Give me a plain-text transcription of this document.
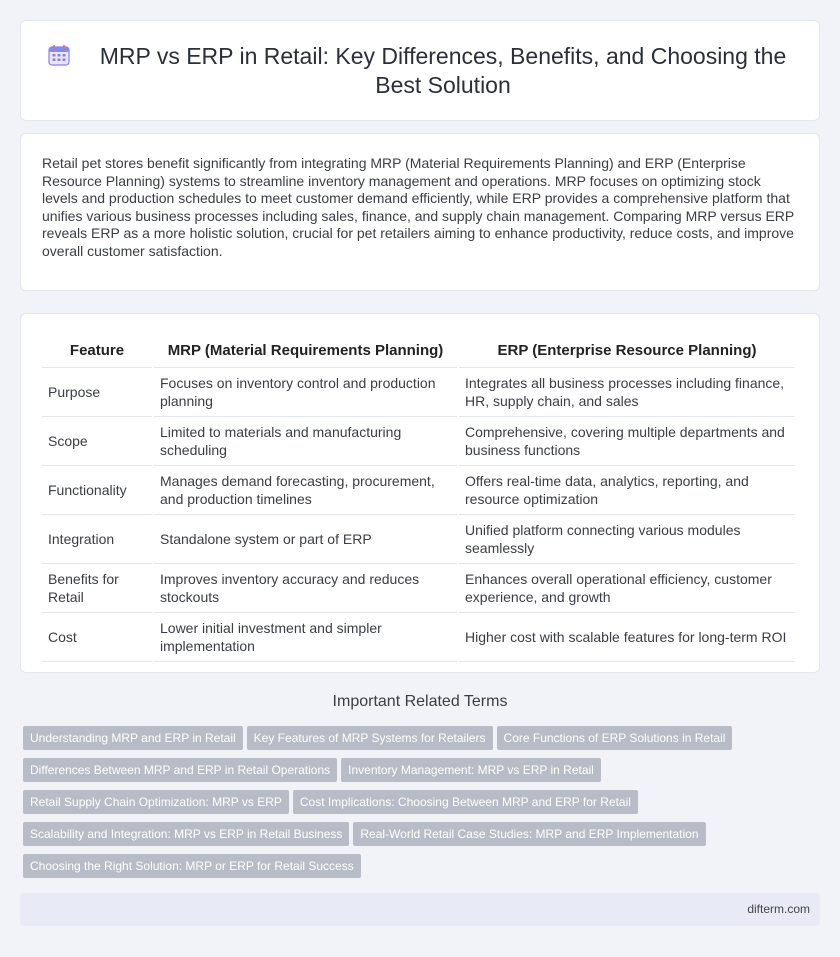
MRP vs ERP in Retail: Key Differences, Benefits, and Choosing the Best Solution

Retail pet stores benefit significantly from integrating MRP (Material Requirements Planning) and ERP (Enterprise Resource Planning) systems to streamline inventory management and operations. MRP focuses on optimizing stock levels and production schedules to meet customer demand efficiently, while ERP provides a comprehensive platform that unifies various business processes including sales, finance, and supply chain management. Comparing MRP versus ERP reveals ERP as a more holistic solution, crucial for pet retailers aiming to enhance productivity, reduce costs, and improve overall customer satisfaction.

Feature	MRP (Material Requirements Planning)	ERP (Enterprise Resource Planning)
Purpose	Focuses on inventory control and production planning	Integrates all business processes including finance, HR, supply chain, and sales
Scope	Limited to materials and manufacturing scheduling	Comprehensive, covering multiple departments and business functions
Functionality	Manages demand forecasting, procurement, and production timelines	Offers real-time data, analytics, reporting, and resource optimization
Integration	Standalone system or part of ERP	Unified platform connecting various modules seamlessly
Benefits for Retail	Improves inventory accuracy and reduces stockouts	Enhances overall operational efficiency, customer experience, and growth
Cost	Lower initial investment and simpler implementation	Higher cost with scalable features for long-term ROI
Important Related Terms
Understanding MRP and ERP in Retail Key Features of MRP Systems for Retailers Core Functions of ERP Solutions in Retail
Differences Between MRP and ERP in Retail Operations Inventory Management: MRP vs ERP in Retail
Retail Supply Chain Optimization: MRP vs ERP Cost Implications: Choosing Between MRP and ERP for Retail
Scalability and Integration: MRP vs ERP in Retail Business Real-World Retail Case Studies: MRP and ERP Implementation
Choosing the Right Solution: MRP or ERP for Retail Success
difterm.com
